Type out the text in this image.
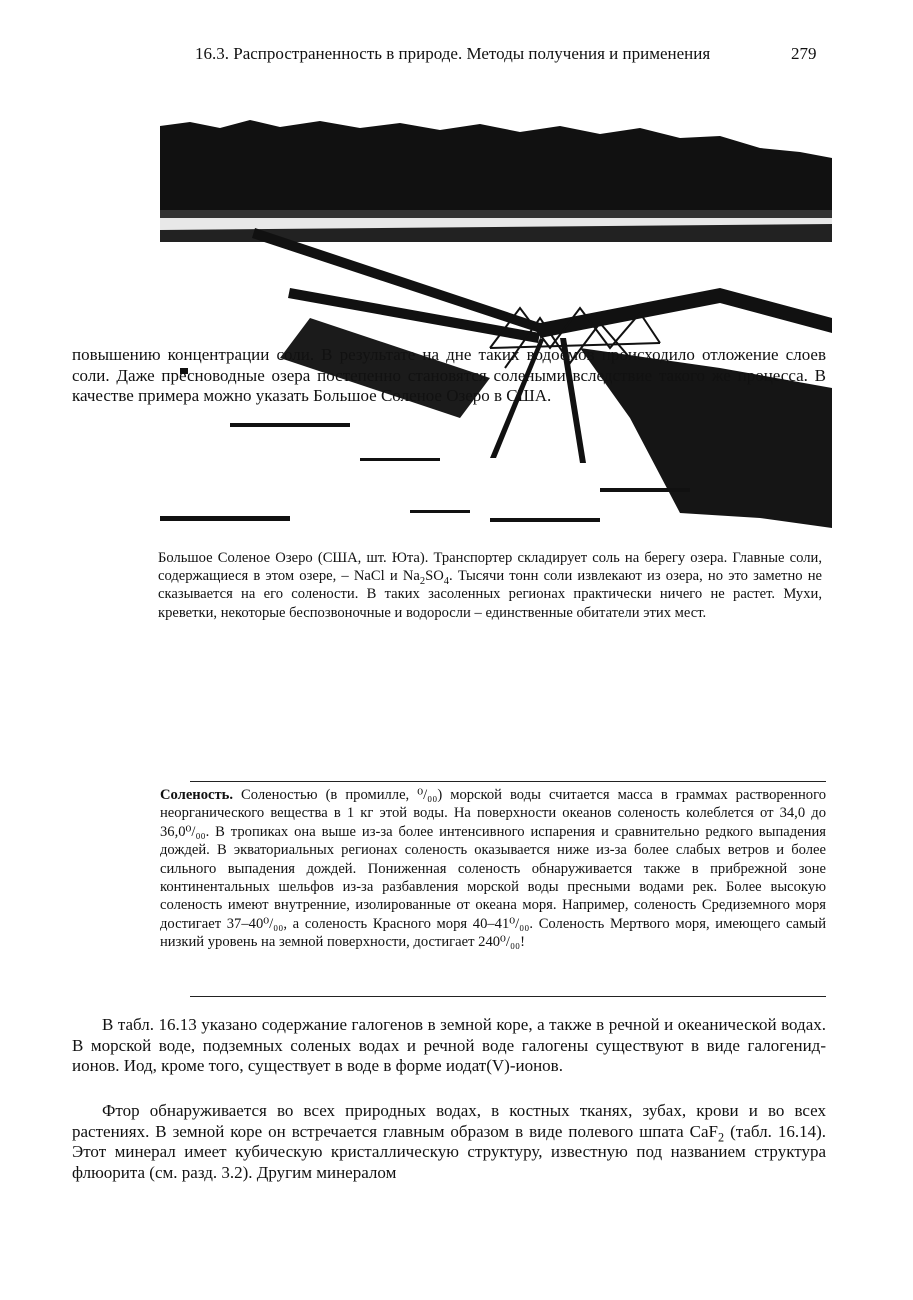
16.3. Распространенность в природе. Методы получения и применения	279
Большое Соленое Озеро (США, шт. Юта). Транспортер складирует соль на берегу озера. Главные соли, содержащиеся в этом озере, – NaCl и $Na_2SO_4$. Тысячи тонн соли извлекают из озера, но это заметно не сказывается на его солености. В таких засоленных регионах практически ничего не растет. Мухи, креветки, некоторые беспозвоночные и водоросли – единственные обитатели этих мест.

повышению концентрации соли. В результате на дне таких водоемов происходило отложение слоев соли. Даже пресноводные озера постепенно становятся солеными вследствие такого же процесса. В качестве примера можно указать Большое Соленое Озеро в США.

Соленость. Соленостью (в промилле, ⁰/₀₀) морской воды считается масса в граммах растворенного неорганического вещества в 1 кг этой воды. На поверхности океанов соленость колеблется от 34,0 до 36,0⁰/₀₀. В тропиках она выше из-за более интенсивного испарения и сравнительно редкого выпадения дождей. В экваториальных регионах соленость оказывается ниже из-за более слабых ветров и более сильного выпадения дождей. Пониженная соленость обнаруживается также в прибрежной зоне континентальных шельфов из-за разбавления морской воды пресными водами рек. Более высокую соленость имеют внутренние, изолированные от океана моря. Например, соленость Средиземного моря достигает 37–40⁰/₀₀, а соленость Красного моря 40–41⁰/₀₀. Соленость Мертвого моря, имеющего самый низкий уровень на земной поверхности, достигает 240⁰/₀₀!

В табл. 16.13 указано содержание галогенов в земной коре, а также в речной и океанической водах. В морской воде, подземных соленых водах и речной воде галогены существуют в виде галогенид-ионов. Иод, кроме того, существует в воде в форме иодат(V)-ионов.

Фтор обнаруживается во всех природных водах, в костных тканях, зубах, крови и во всех растениях. В земной коре он встречается главным образом в виде полевого шпата CaF$_2$ (табл. 16.14). Этот минерал имеет кубическую кристаллическую структуру, известную под названием структура флюорита (см. разд. 3.2). Другим минералом
